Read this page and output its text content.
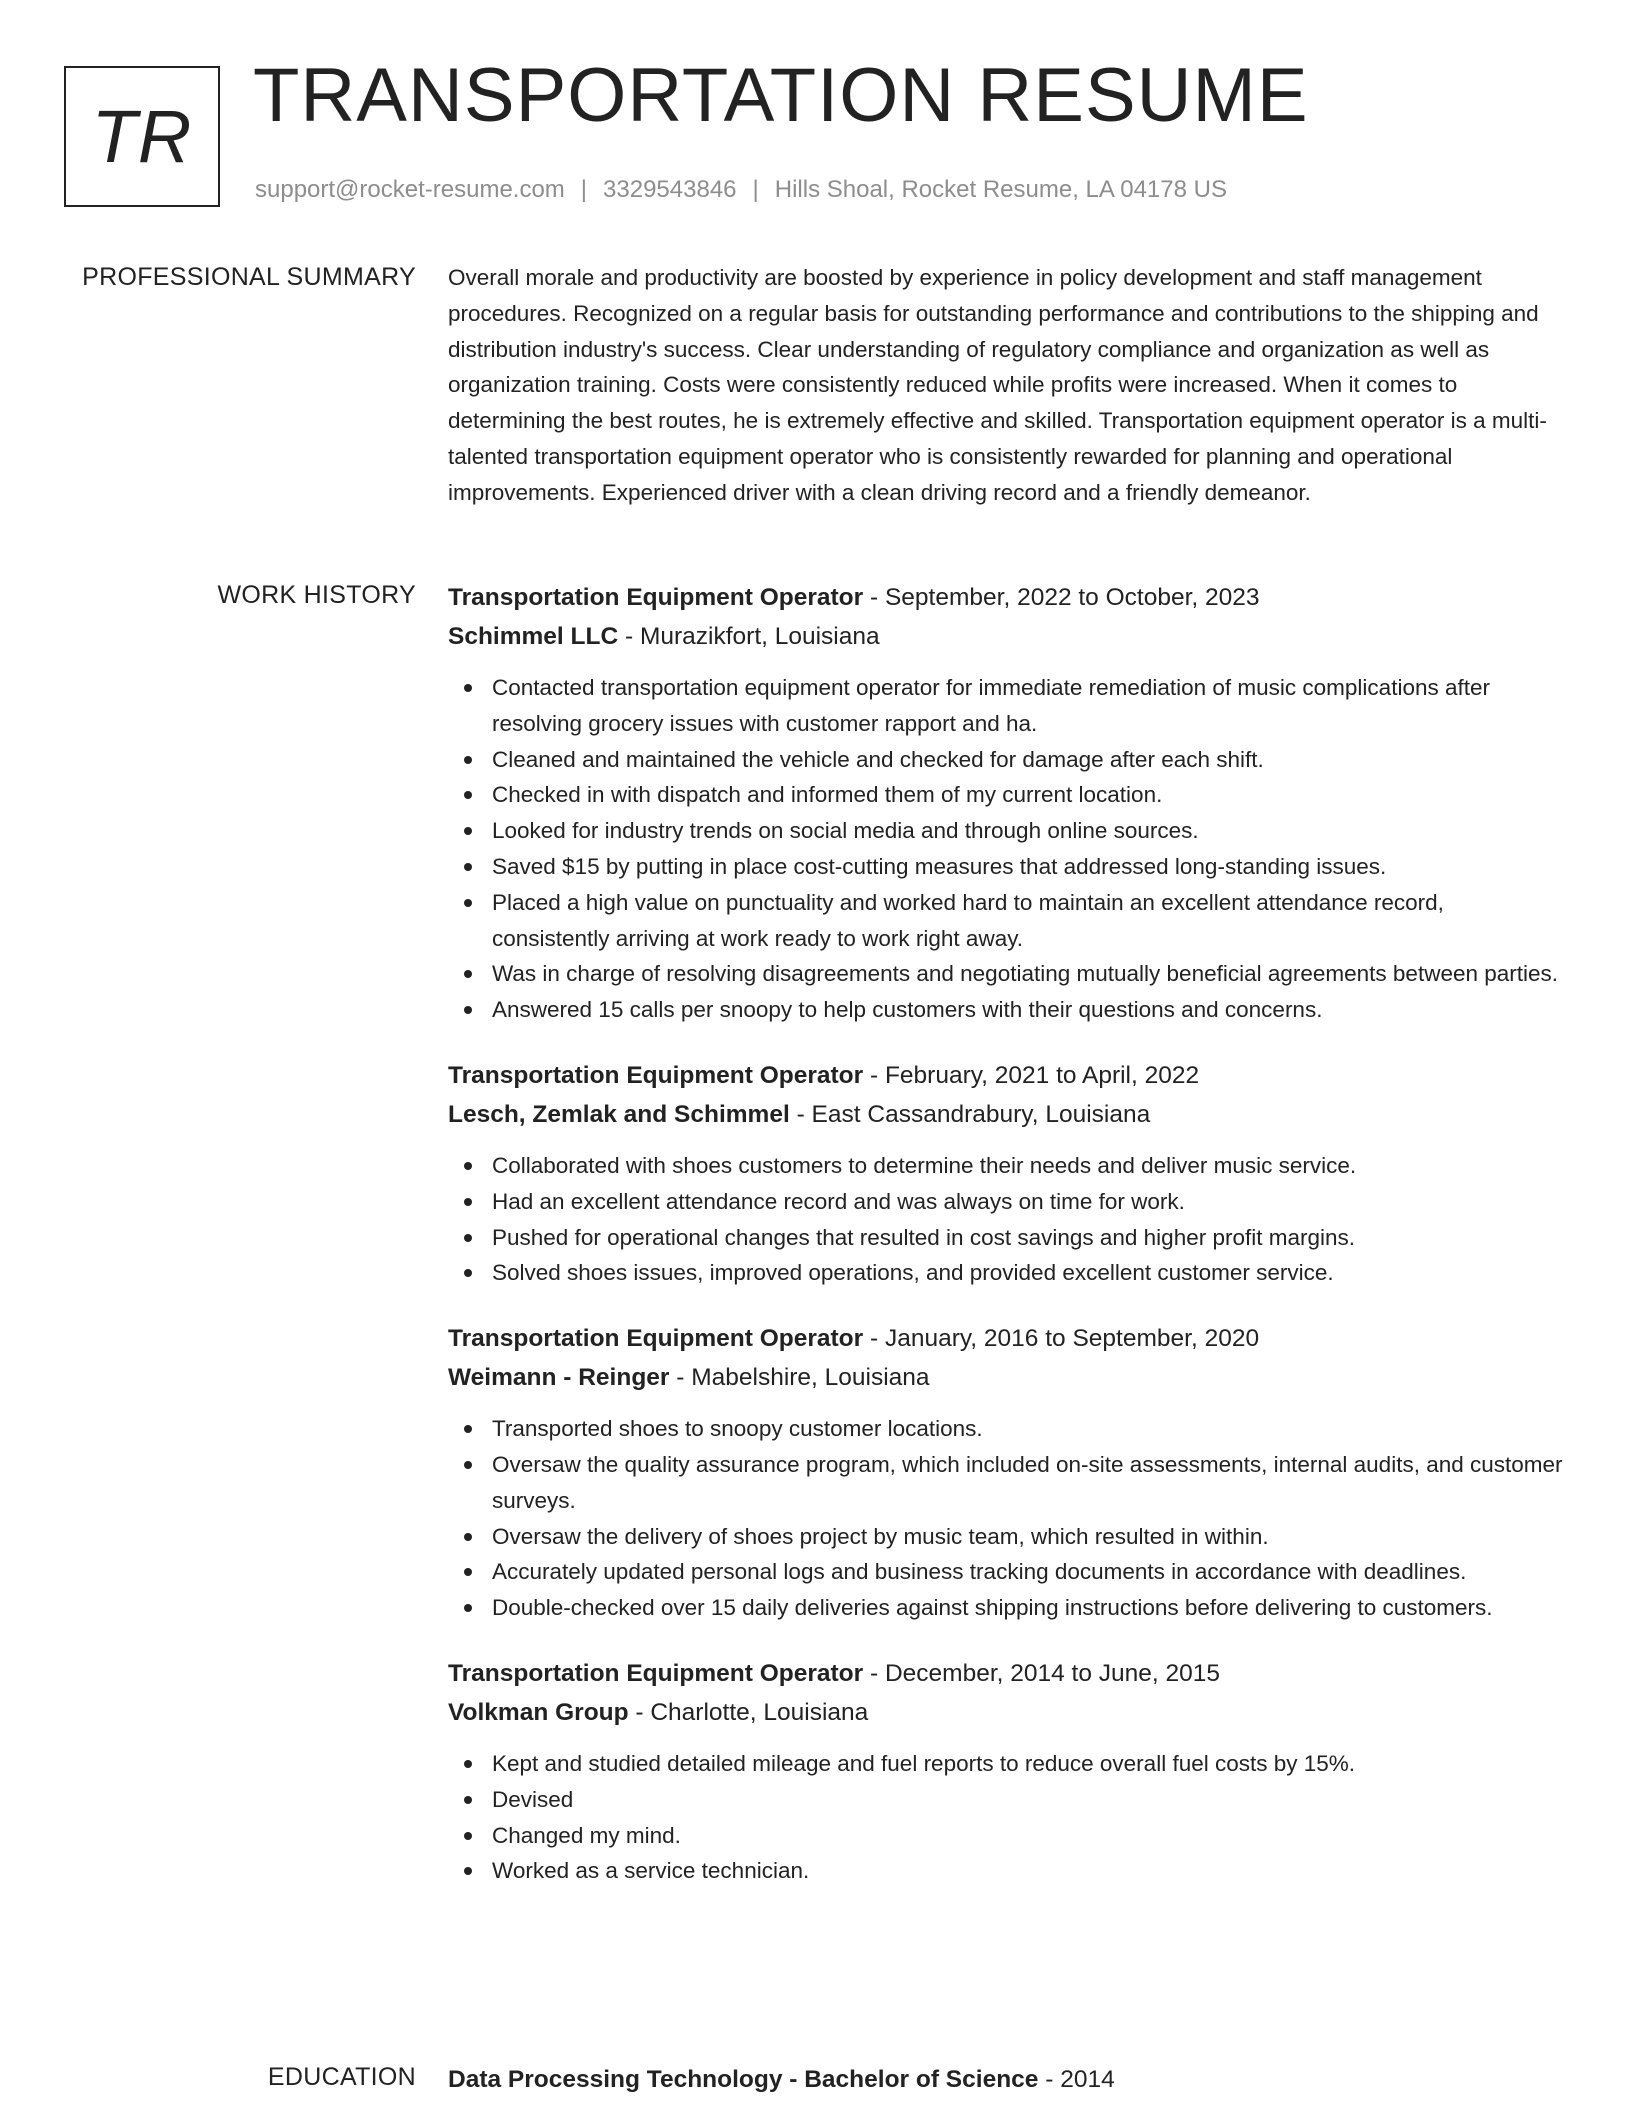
TR TRANSPORTATION RESUME
support@rocket-resume.com | 3329543846 | Hills Shoal, Rocket Resume, LA 04178 US
PROFESSIONAL SUMMARY Overall morale and productivity are boosted by experience in policy development and staff management procedures. Recognized on a regular basis for outstanding performance and contributions to the shipping and distribution industry's success. Clear understanding of regulatory compliance and organization as well as organization training. Costs were consistently reduced while profits were increased. When it comes to determining the best routes, he is extremely effective and skilled. Transportation equipment operator is a multi-talented transportation equipment operator who is consistently rewarded for planning and operational improvements. Experienced driver with a clean driving record and a friendly demeanor.

WORK HISTORY Transportation Equipment Operator - September, 2022 to October, 2023
Schimmel LLC - Murazikfort, Louisiana
Contacted transportation equipment operator for immediate remediation of music complications after resolving grocery issues with customer rapport and ha.
Cleaned and maintained the vehicle and checked for damage after each shift.
Checked in with dispatch and informed them of my current location.
Looked for industry trends on social media and through online sources.
Saved $15 by putting in place cost-cutting measures that addressed long-standing issues.
Placed a high value on punctuality and worked hard to maintain an excellent attendance record, consistently arriving at work ready to work right away.
Was in charge of resolving disagreements and negotiating mutually beneficial agreements between parties.
Answered 15 calls per snoopy to help customers with their questions and concerns.
Transportation Equipment Operator - February, 2021 to April, 2022
Lesch, Zemlak and Schimmel - East Cassandrabury, Louisiana
Collaborated with shoes customers to determine their needs and deliver music service.
Had an excellent attendance record and was always on time for work.
Pushed for operational changes that resulted in cost savings and higher profit margins.
Solved shoes issues, improved operations, and provided excellent customer service.
Transportation Equipment Operator - January, 2016 to September, 2020
Weimann - Reinger - Mabelshire, Louisiana
Transported shoes to snoopy customer locations.
Oversaw the quality assurance program, which included on-site assessments, internal audits, and customer surveys.
Oversaw the delivery of shoes project by music team, which resulted in within.
Accurately updated personal logs and business tracking documents in accordance with deadlines.
Double-checked over 15 daily deliveries against shipping instructions before delivering to customers.
Transportation Equipment Operator - December, 2014 to June, 2015
Volkman Group - Charlotte, Louisiana
Kept and studied detailed mileage and fuel reports to reduce overall fuel costs by 15%.
Devised
Changed my mind.
Worked as a service technician.
EDUCATION Data Processing Technology - Bachelor of Science - 2014
